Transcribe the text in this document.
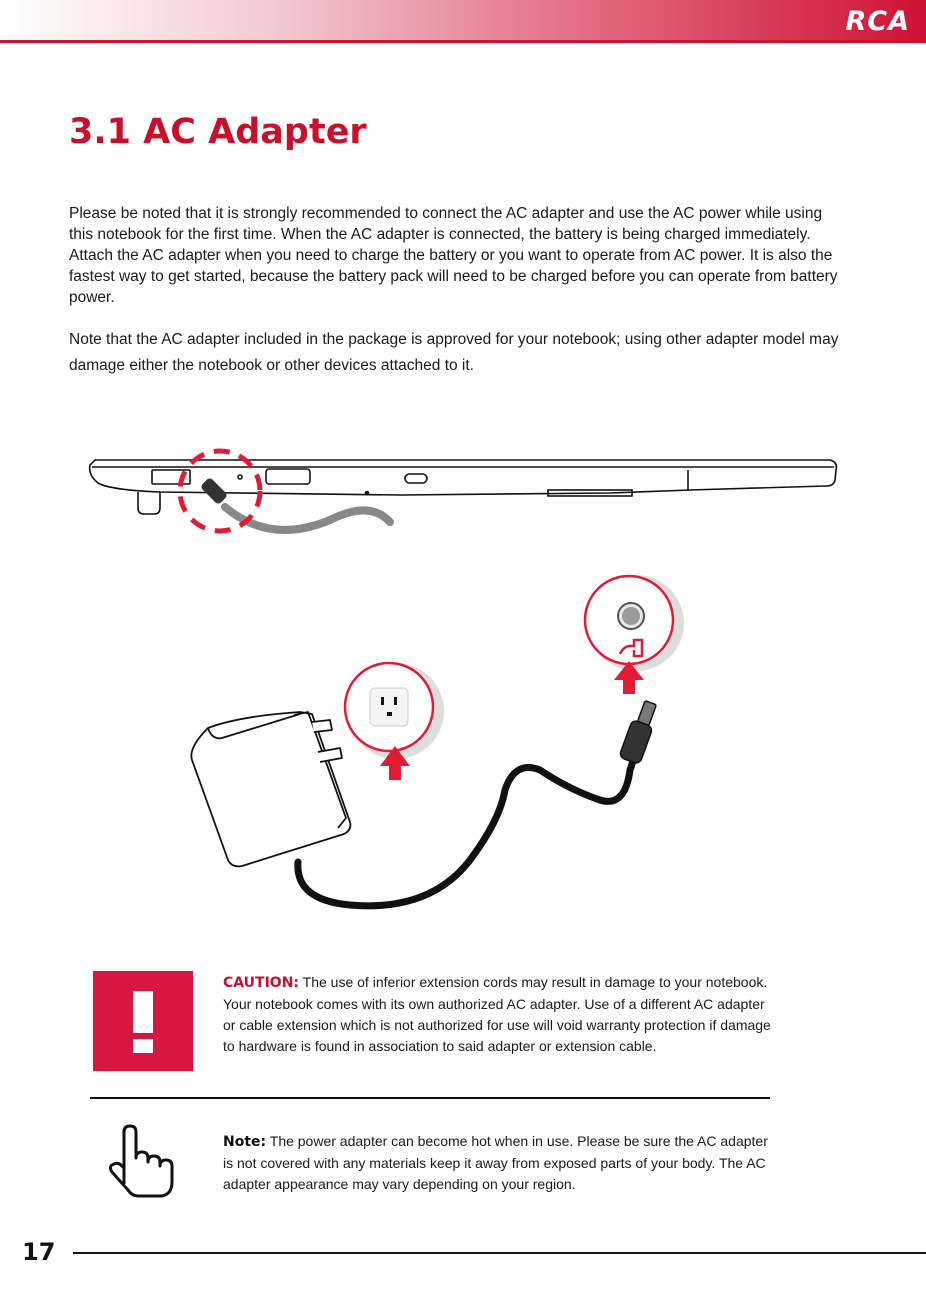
RCA
3.1 AC Adapter

Please be noted that it is strongly recommended to connect the AC adapter and use the AC power while using this notebook for the first time. When the AC adapter is connected, the battery is being charged immediately. Attach the AC adapter when you need to charge the battery or you want to operate from AC power. It is also the fastest way to get started, because the battery pack will need to be charged before you can operate from battery power.

Note that the AC adapter included in the package is approved for your notebook; using other adapter model may damage either the notebook or other devices attached to it.

CAUTION: The use of inferior extension cords may result in damage to your notebook. Your notebook comes with its own authorized AC adapter. Use of a different AC adapter or cable extension which is not authorized for use will void warranty protection if damage to hardware is found in association to said adapter or extension cable.

Note: The power adapter can become hot when in use. Please be sure the AC adapter is not covered with any materials keep it away from exposed parts of your body. The AC adapter appearance may vary depending on your region.

17
